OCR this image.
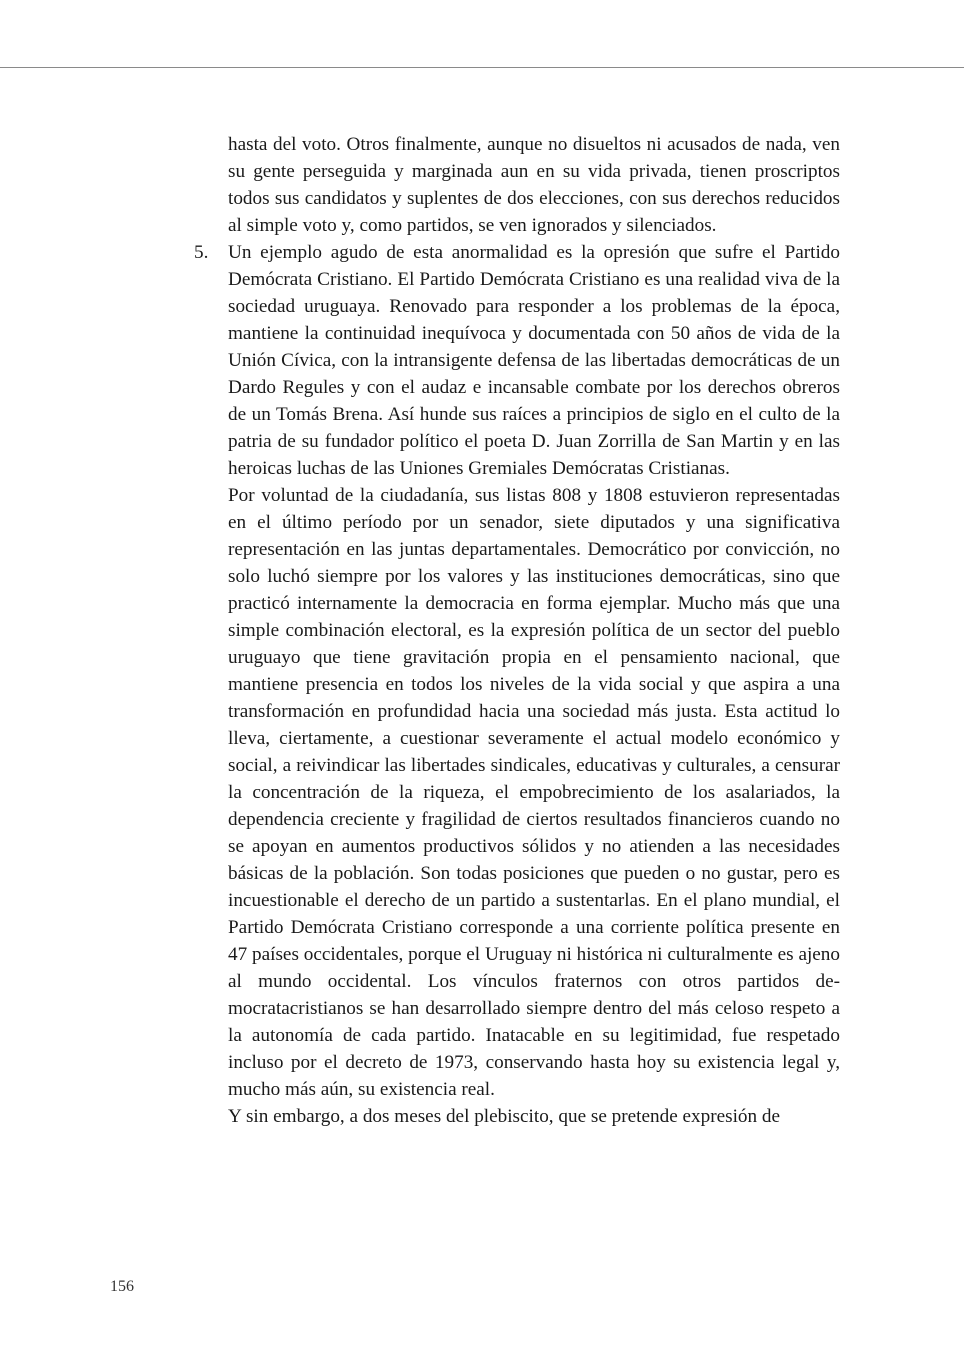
hasta del voto. Otros finalmente, aunque no disueltos ni acusados de nada, ven su gente perseguida y marginada aun en su vida privada, tienen proscriptos todos sus candidatos y suplentes de dos elecciones, con sus derechos reducidos al simple voto y, como partidos, se ven ignorados y silenciados.

5. Un ejemplo agudo de esta anormalidad es la opresión que sufre el Partido Demócrata Cristiano. El Partido Demócrata Cristiano es una realidad viva de la sociedad uruguaya. Renovado para responder a los problemas de la época, mantiene la continuidad inequívoca y documentada con 50 años de vida de la Unión Cívica, con la intransigente defensa de las libertadas democráticas de un Dardo Regules y con el audaz e incansable combate por los derechos obreros de un Tomás Brena. Así hunde sus raíces a principios de siglo en el culto de la patria de su fundador político el poeta D. Juan Zorrilla de San Martin y en las heroicas luchas de las Uniones Gremiales Demócratas Cristianas.

Por voluntad de la ciudadanía, sus listas 808 y 1808 estuvieron representadas en el último período por un senador, siete diputados y una significativa representación en las juntas departamentales. Democrático por convicción, no solo luchó siempre por los valores y las instituciones democráticas, sino que practicó internamente la democracia en forma ejemplar. Mucho más que una simple combinación electoral, es la expresión política de un sector del pueblo uruguayo que tiene gravitación propia en el pensamiento nacional, que mantiene presencia en todos los niveles de la vida social y que aspira a una transformación en profundidad hacia una sociedad más justa. Esta actitud lo lleva, ciertamente, a cuestionar severamente el actual modelo económico y social, a reivindicar las libertades sindicales, educativas y culturales, a censurar la concentración de la riqueza, el empobrecimiento de los asalariados, la dependencia creciente y fragilidad de ciertos resultados financieros cuando no se apoyan en aumentos productivos sólidos y no atienden a las necesidades básicas de la población. Son todas posiciones que pueden o no gustar, pero es incuestionable el derecho de un partido a sustentarlas. En el plano mundial, el Partido Demócrata Cristiano corresponde a una corriente política presente en 47 países occidentales, porque el Uruguay ni histórica ni culturalmente es ajeno al mundo occidental. Los vínculos fraternos con otros partidos democratacristianos se han desarrollado siempre dentro del más celoso respeto a la autonomía de cada partido. Inatacable en su legitimidad, fue respetado incluso por el decreto de 1973, conservando hasta hoy su existencia legal y, mucho más aún, su existencia real.

Y sin embargo, a dos meses del plebiscito, que se pretende expresión de

156
